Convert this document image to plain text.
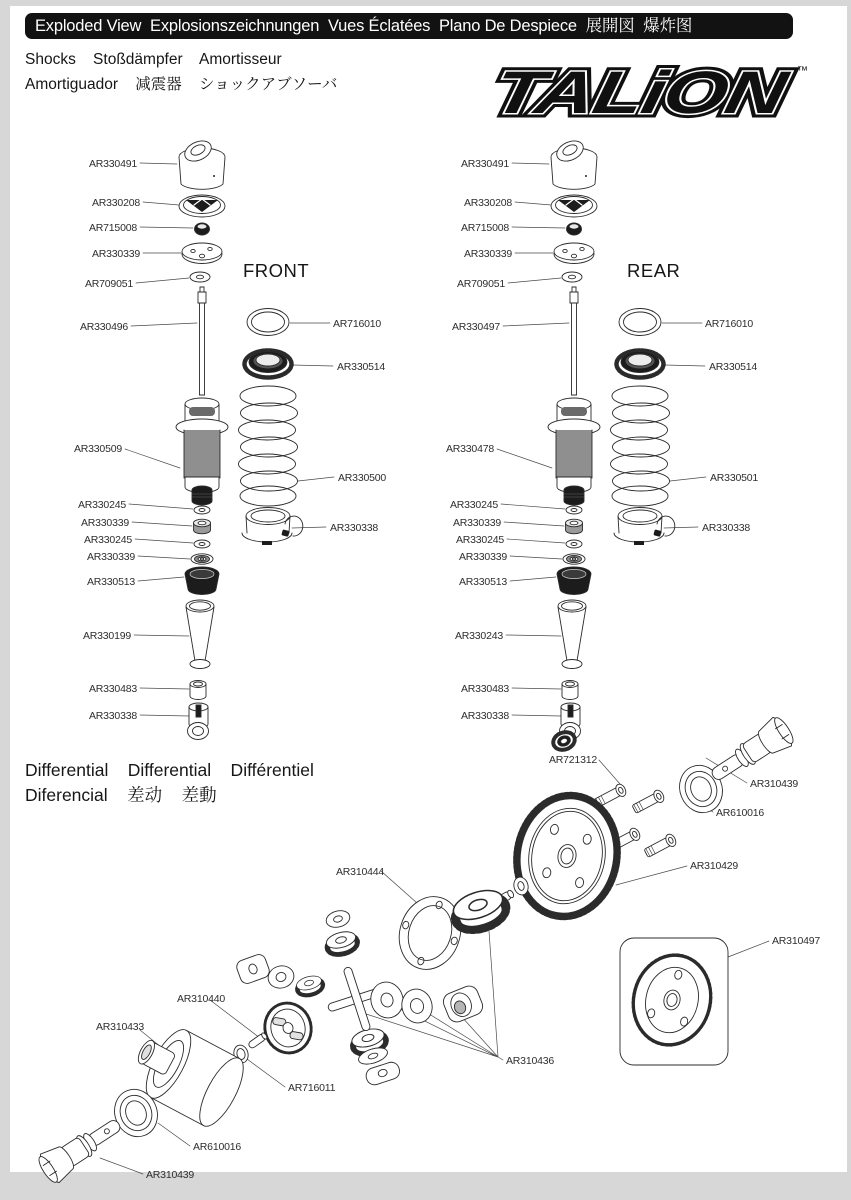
Exploded View  Explosionszeichnungen  Vues Éclatées  Plano De Despiece  展開図  爆炸图
Shocks    Stoßdämpfer    Amortisseur
Amortiguador    减震器    ショックアブソーバ
Differential    Differential    Différentiel
Diferencial    差动    差動
™
FRONT
AR330491
AR330208
AR715008
AR330339
AR709051
AR330496
AR330509
AR330245
AR330339
AR330245
AR330339
AR330513
AR330199
AR330483
AR330338
AR716010
AR330514
AR330500
AR330338
REAR
AR330491
AR330208
AR715008
AR330339
AR709051
AR330497
AR330478
AR330245
AR330339
AR330245
AR330339
AR330513
AR330243
AR330483
AR330338
AR716010
AR330514
AR330501
AR330338
AR721312
AR310439
AR610016
AR310429
AR310444
AR310497
AR310436
AR310440
AR310433
AR716011
AR610016
AR310439
